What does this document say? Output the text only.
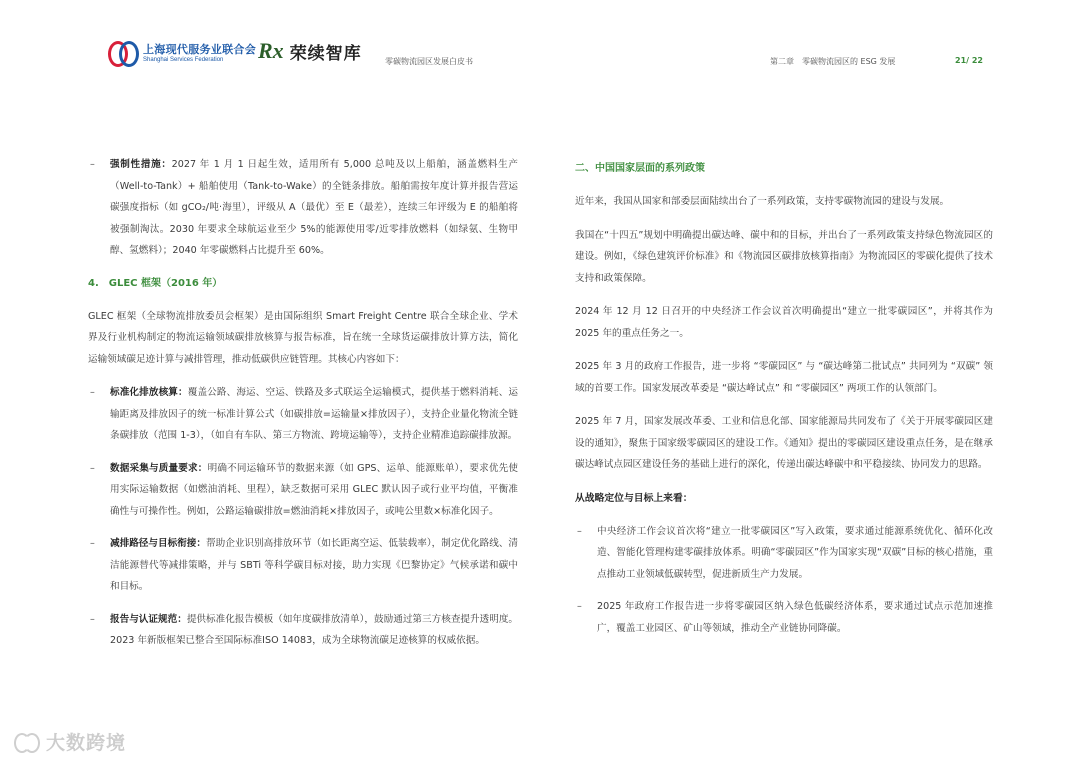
上海现代服务业联合会
Shanghai Services Federation	Rx 荣续智库	零碳物流园区发展白皮书	第二章　零碳物流园区的 ESG 发展	21/ 22
– 强制性措施：2027 年 1 月 1 日起生效，适用所有 5,000 总吨及以上船舶，涵盖燃料生产（Well-to-Tank）+ 船舶使用（Tank-to-Wake）的全链条排放。船舶需按年度计算并报告营运碳强度指标（如 gCO₂/吨·海里），评级从 A（最优）至 E（最差），连续三年评级为 E 的船舶将被强制淘汰。2030 年要求全球航运业至少 5%的能源使用零/近零排放燃料（如绿氨、生物甲醇、氢燃料）；2040 年零碳燃料占比提升至 60%。
4.　GLEC 框架（2016 年）
GLEC 框架（全球物流排放委员会框架）是由国际组织 Smart Freight Centre 联合全球企业、学术界及行业机构制定的物流运输领域碳排放核算与报告标准，旨在统一全球货运碳排放计算方法，简化运输领域碳足迹计算与减排管理，推动低碳供应链管理。其核心内容如下：
– 标准化排放核算：覆盖公路、海运、空运、铁路及多式联运全运输模式，提供基于燃料消耗、运输距离及排放因子的统一标准计算公式（如碳排放=运输量×排放因子），支持企业量化物流全链条碳排放（范围 1-3），（如自有车队、第三方物流、跨境运输等），支持企业精准追踪碳排放源。
– 数据采集与质量要求：明确不同运输环节的数据来源（如 GPS、运单、能源账单），要求优先使用实际运输数据（如燃油消耗、里程），缺乏数据可采用 GLEC 默认因子或行业平均值，平衡准确性与可操作性。例如，公路运输碳排放=燃油消耗×排放因子，或吨公里数×标准化因子。
– 减排路径与目标衔接：帮助企业识别高排放环节（如长距离空运、低装载率），制定优化路线、清洁能源替代等减排策略，并与 SBTi 等科学碳目标对接，助力实现《巴黎协定》气候承诺和碳中和目标。
– 报告与认证规范：提供标准化报告模板（如年度碳排放清单），鼓励通过第三方核查提升透明度。2023 年新版框架已整合至国际标准ISO 14083，成为全球物流碳足迹核算的权威依据。
二、中国国家层面的系列政策
近年来，我国从国家和部委层面陆续出台了一系列政策，支持零碳物流园的建设与发展。
我国在“十四五”规划中明确提出碳达峰、碳中和的目标，并出台了一系列政策支持绿色物流园区的建设。例如，《绿色建筑评价标准》和《物流园区碳排放核算指南》为物流园区的零碳化提供了技术支持和政策保障。
2024 年 12 月 12 日召开的中央经济工作会议首次明确提出“建立一批零碳园区”，并将其作为 2025 年的重点任务之一。
2025 年 3 月的政府工作报告，进一步将 “零碳园区” 与 “碳达峰第二批试点” 共同列为 “双碳” 领域的首要工作。国家发展改革委是 “碳达峰试点” 和 “零碳园区” 两项工作的认领部门。
2025 年 7 月，国家发展改革委、工业和信息化部、国家能源局共同发布了《关于开展零碳园区建设的通知》，聚焦于国家级零碳园区的建设工作。《通知》提出的零碳园区建设重点任务，是在继承碳达峰试点园区建设任务的基础上进行的深化，传递出碳达峰碳中和平稳接续、协同发力的思路。
从战略定位与目标上来看：
– 中央经济工作会议首次将“建立一批零碳园区”写入政策，要求通过能源系统优化、循环化改造、智能化管理构建零碳排放体系。明确“零碳园区”作为国家实现“双碳”目标的核心措施，重点推动工业领域低碳转型，促进新质生产力发展。
– 2025 年政府工作报告进一步将零碳园区纳入绿色低碳经济体系，要求通过试点示范加速推广，覆盖工业园区、矿山等领域，推动全产业链协同降碳。
大数跨境
